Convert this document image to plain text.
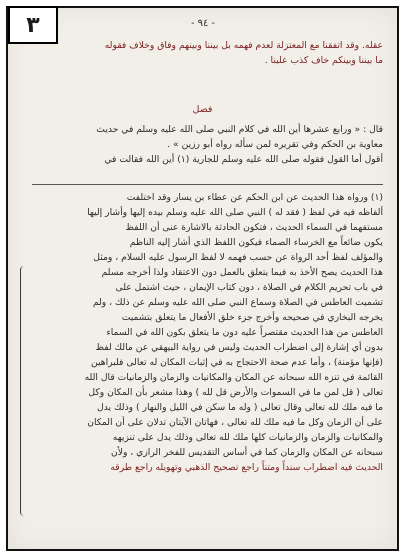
- ٩٤ -
عقله. وقد اتفقنا مع المعتزلة لعدم فهمه بل بيننا وبينهم وفاق وخلاف فقوله
ما بيننا وبينكم خاف كذب علينا .
فصل
قال : « ورابع عشرها أين الله في كلام النبي صلى الله عليه وسلم في حديث
معاوية بن الحكم وفي تقريره لمن سأله رواه أبو رزين » .
أقول أما القول فقوله صلى الله عليه وسلم للجارية (١) أين الله فقالت في
(١) ورواه هذا الحديث عن ابن الحكم عن عطاء بن يسار وقد اختلفت
ألفاظه فيه في لفظ ( فقد له ) النبي صلى الله عليه وسلم بيده إليها وأشار إليها
مستفهما في السماء الحديث ، فتكون الحادثة بالاشارة عنى أن اللفظ
يكون ضائعاً مع الخرساء الصماء فيكون اللفظ الذي أشار إليه الناظم
والمؤلف لفظ أحد الرواة عن حسب فهمه لا لفظ الرسول عليه السلام ، ومثل
هذا الحديث يصح الأخذ به فيما يتعلق بالعمل دون الاعتقاد ولذا أخرجه مسلم
في باب تحريم الكلام في الصلاة ، دون كتاب الإيمان ، حيث اشتمل على
تشميت العاطس في الصلاة وسماع النبي صلى الله عليه وسلم عن ذلك ، ولم
يخرجه البخاري في صحيحه وأخرج جزء خلق الأفعال ما يتعلق بتشميت
العاطس من هذا الحديث مقتصراً عليه دون ما يتعلق بكون الله في السماء
بدون أي إشارة إلى اضطراب الحديث وليس في رواية البيهقي عن مالك لفظ
(فإنها مؤمنة) ، وأما عدم صحة الاحتجاج به في إثبات المكان له تعالى فلبراهين
القائمة في تنزه الله سبحانه عن المكان والمكانيات والزمان والزمانيات قال الله
تعالى ( قل لمن ما في السموات والأرض قل لله ) وهذا مشعر بأن المكان وكل
ما فيه ملك لله تعالى وقال تعالى ( وله ما سكن في الليل والنهار ) وذلك يدل
على أن الزمان وكل ما فيه ملك لله تعالى ، فهاتان الآيتان تدلان على أن المكان
والمكانيات والزمان والزمانيات كلها ملك لله تعالى وذلك يدل على تنزيهه
سبحانه عن المكان والزمان كما في أساس التقديس للفخر الرازي ، ولأن
الحديث فيه اضطراب سنداً ومتناً راجع تصحيح الذهبي وتهويله راجع طرقه
٣
